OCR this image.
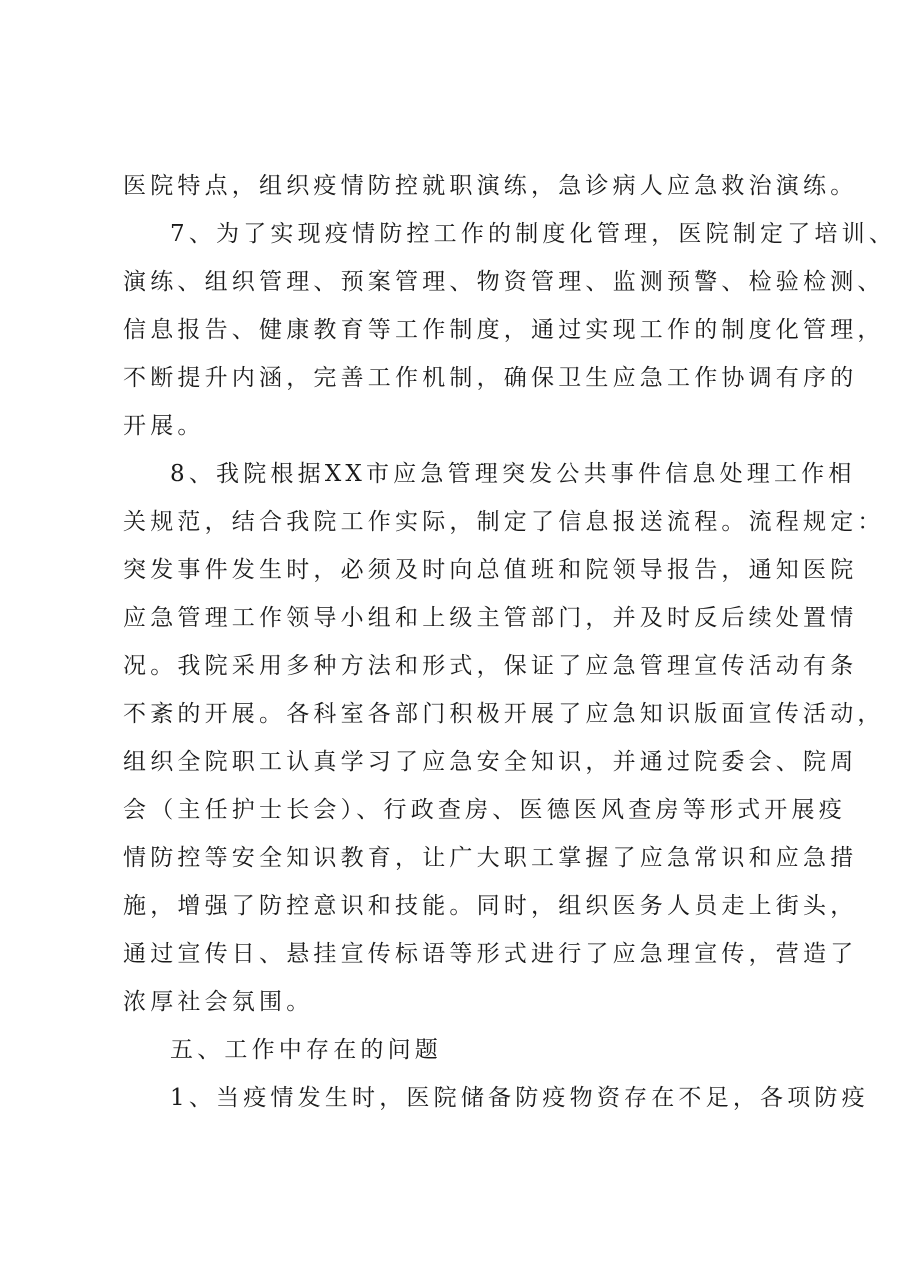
医院特点，组织疫情防控就职演练，急诊病人应急救治演练。
7、为了实现疫情防控工作的制度化管理，医院制定了培训、
演练、组织管理、预案管理、物资管理、监测预警、检验检测、
信息报告、健康教育等工作制度，通过实现工作的制度化管理，
不断提升内涵，完善工作机制，确保卫生应急工作协调有序的
开展。
8、我院根据XX市应急管理突发公共事件信息处理工作相
关规范，结合我院工作实际，制定了信息报送流程。流程规定：
突发事件发生时，必须及时向总值班和院领导报告，通知医院
应急管理工作领导小组和上级主管部门，并及时反后续处置情
况。我院采用多种方法和形式，保证了应急管理宣传活动有条
不紊的开展。各科室各部门积极开展了应急知识版面宣传活动，
组织全院职工认真学习了应急安全知识，并通过院委会、院周
会（主任护士长会）、行政查房、医德医风查房等形式开展疫
情防控等安全知识教育，让广大职工掌握了应急常识和应急措
施，增强了防控意识和技能。同时，组织医务人员走上街头，
通过宣传日、悬挂宣传标语等形式进行了应急理宣传，营造了
浓厚社会氛围。
五、工作中存在的问题
1、当疫情发生时，医院储备防疫物资存在不足，各项防疫
